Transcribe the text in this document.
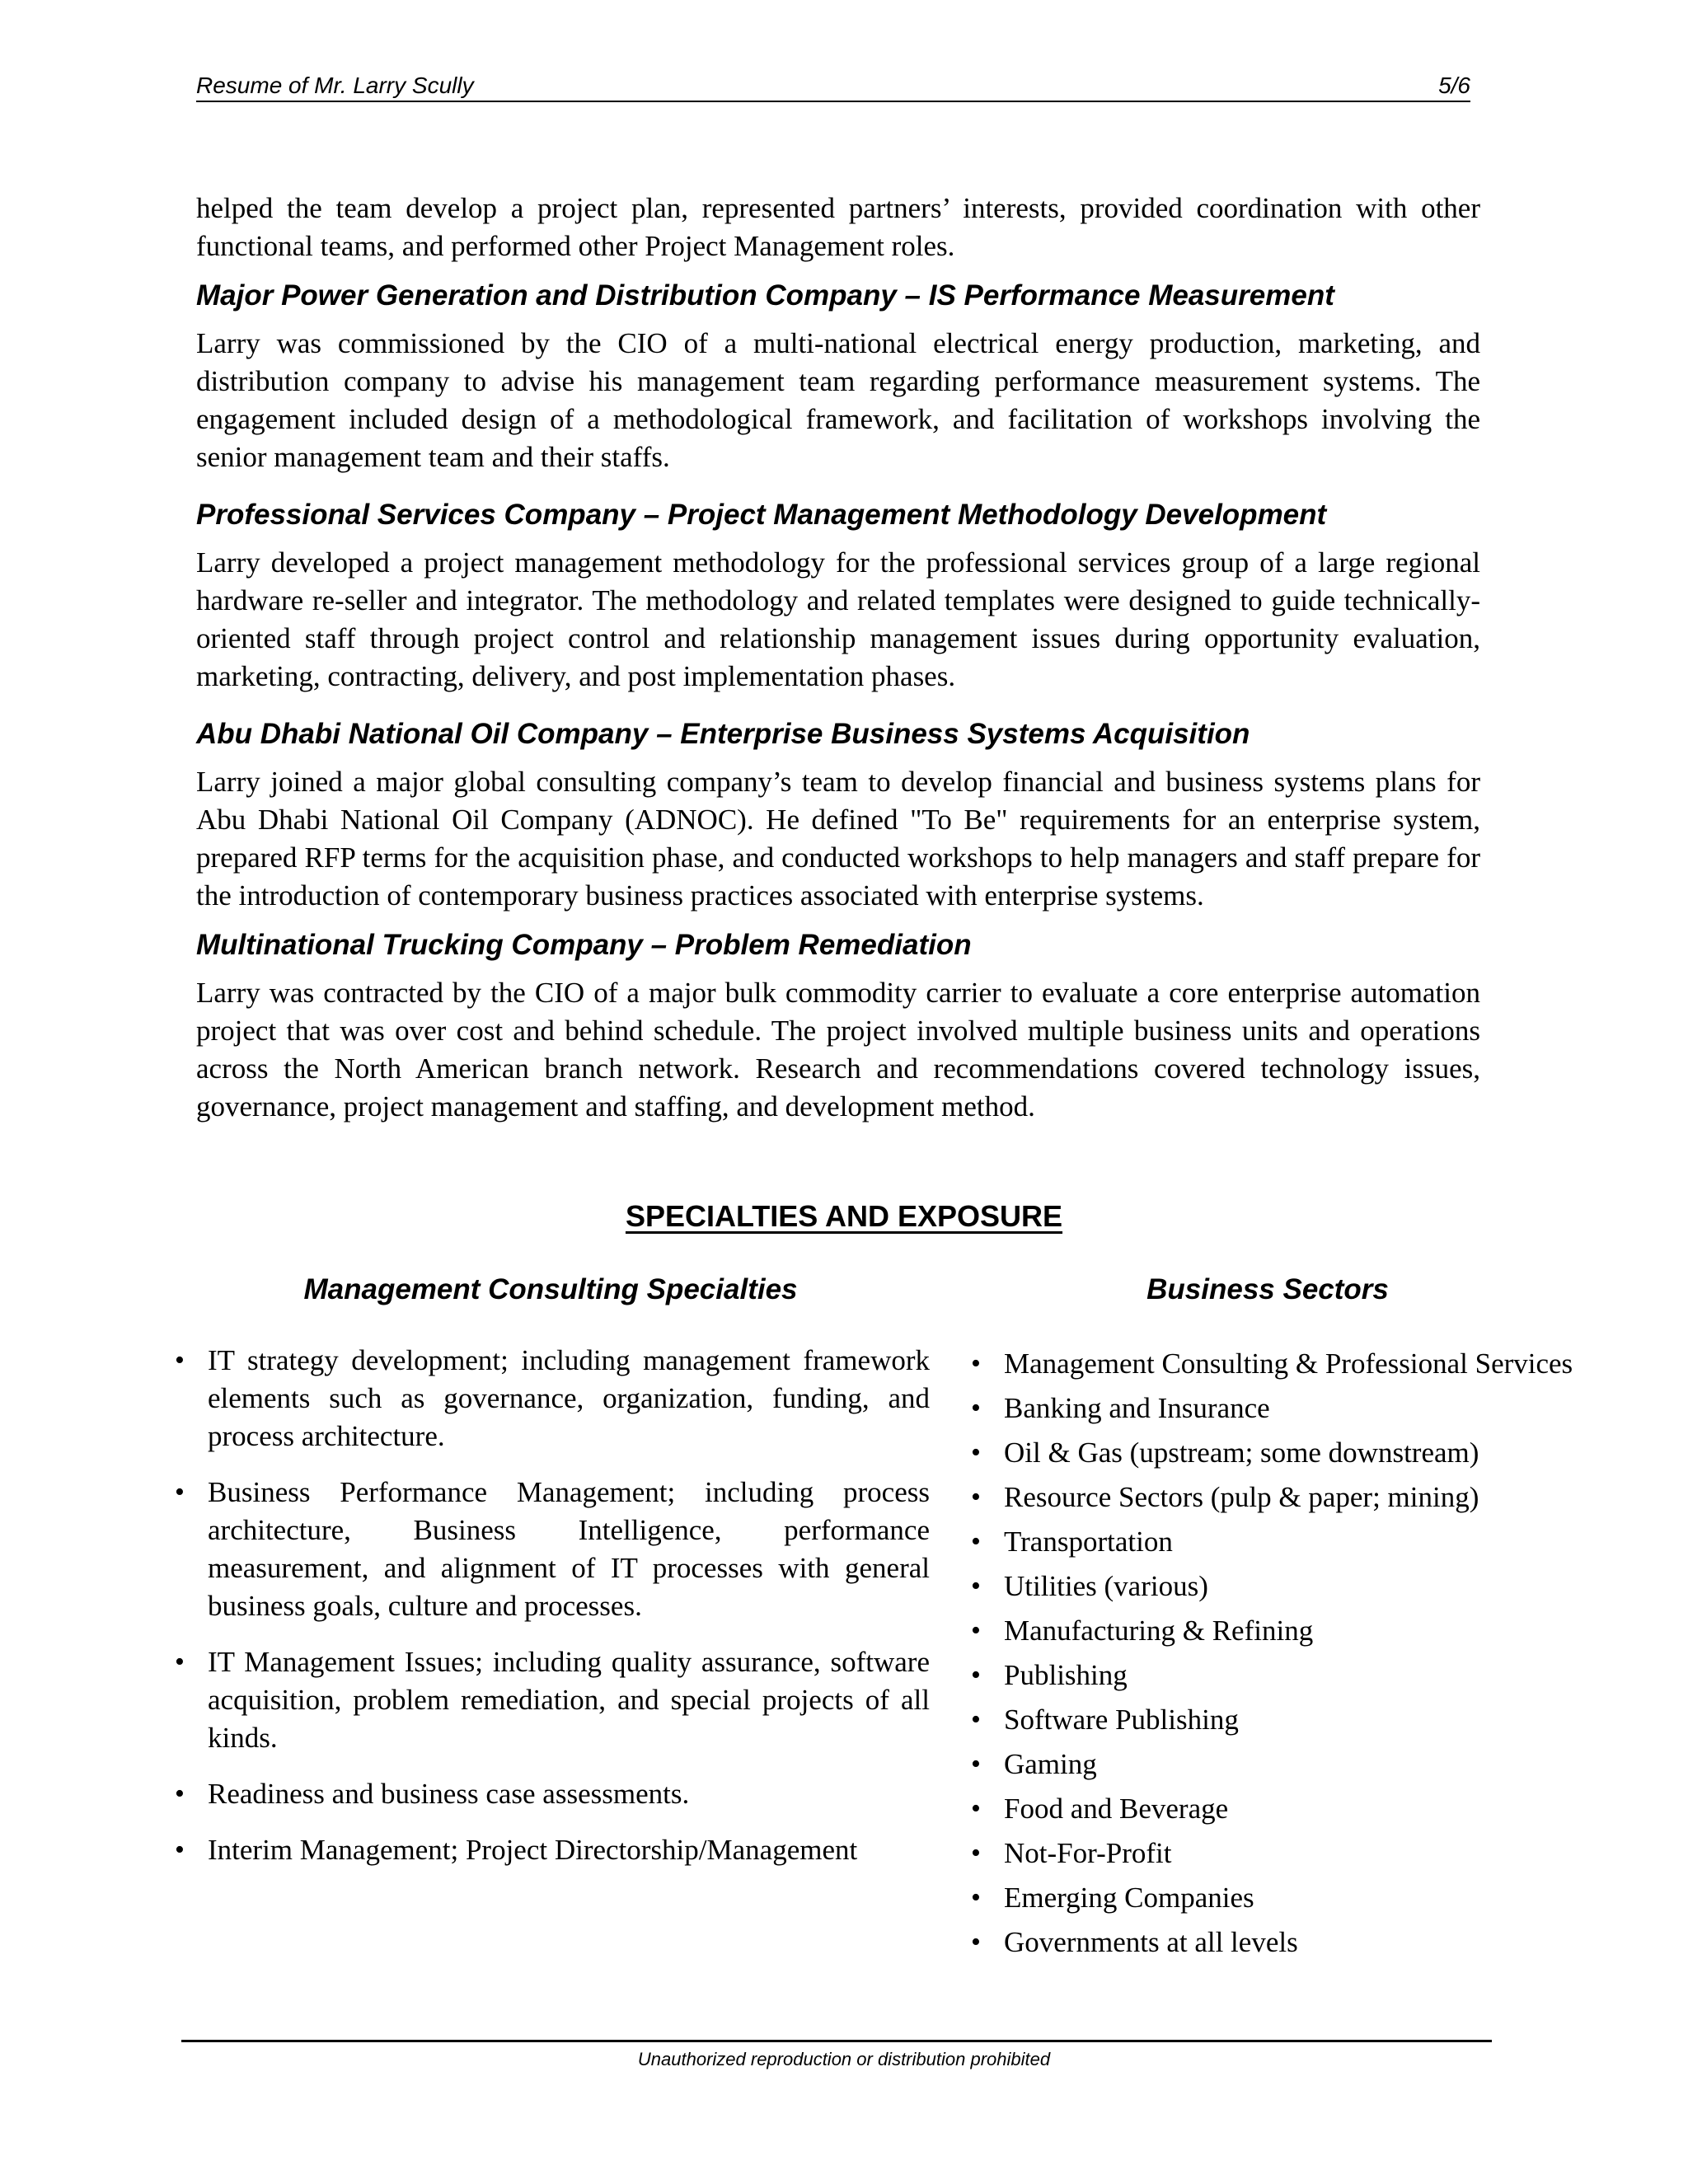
Resume of Mr. Larry Scully	5/6

helped the team develop a project plan, represented partners’ interests, provided coordination with other functional teams, and performed other Project Management roles.

Major Power Generation and Distribution Company – IS Performance Measurement

Larry was commissioned by the CIO of a multi-national electrical energy production, marketing, and distribution company to advise his management team regarding performance measurement systems. The engagement included design of a methodological framework, and facilitation of workshops involving the senior management team and their staffs.

Professional Services Company – Project Management Methodology Development

Larry developed a project management methodology for the professional services group of a large regional hardware re-seller and integrator. The methodology and related templates were designed to guide technically-oriented staff through project control and relationship management issues during opportunity evaluation, marketing, contracting, delivery, and post implementation phases.

Abu Dhabi National Oil Company – Enterprise Business Systems Acquisition

Larry joined a major global consulting company’s team to develop financial and business systems plans for Abu Dhabi National Oil Company (ADNOC). He defined "To Be" requirements for an enterprise system, prepared RFP terms for the acquisition phase, and conducted workshops to help managers and staff prepare for the introduction of contemporary business practices associated with enterprise systems.

Multinational Trucking Company – Problem Remediation

Larry was contracted by the CIO of a major bulk commodity carrier to evaluate a core enterprise automation project that was over cost and behind schedule. The project involved multiple business units and operations across the North American branch network. Research and recommendations covered technology issues, governance, project management and staffing, and development method.

SPECIALTIES AND EXPOSURE
Management Consulting Specialties	Business Sectors
• IT strategy development; including management framework elements such as governance, organization, funding, and process architecture.
• Business Performance Management; including process architecture, Business Intelligence, performance measurement, and alignment of IT processes with general business goals, culture and processes.
• IT Management Issues; including quality assurance, software acquisition, problem remediation, and special projects of all kinds.
• Readiness and business case assessments.
• Interim Management; Project Directorship/Management
• Management Consulting & Professional Services
• Banking and Insurance
• Oil & Gas (upstream; some downstream)
• Resource Sectors (pulp & paper; mining)
• Transportation
• Utilities (various)
• Manufacturing & Refining
• Publishing
• Software Publishing
• Gaming
• Food and Beverage
• Not-For-Profit
• Emerging Companies
• Governments at all levels
Unauthorized reproduction or distribution prohibited
